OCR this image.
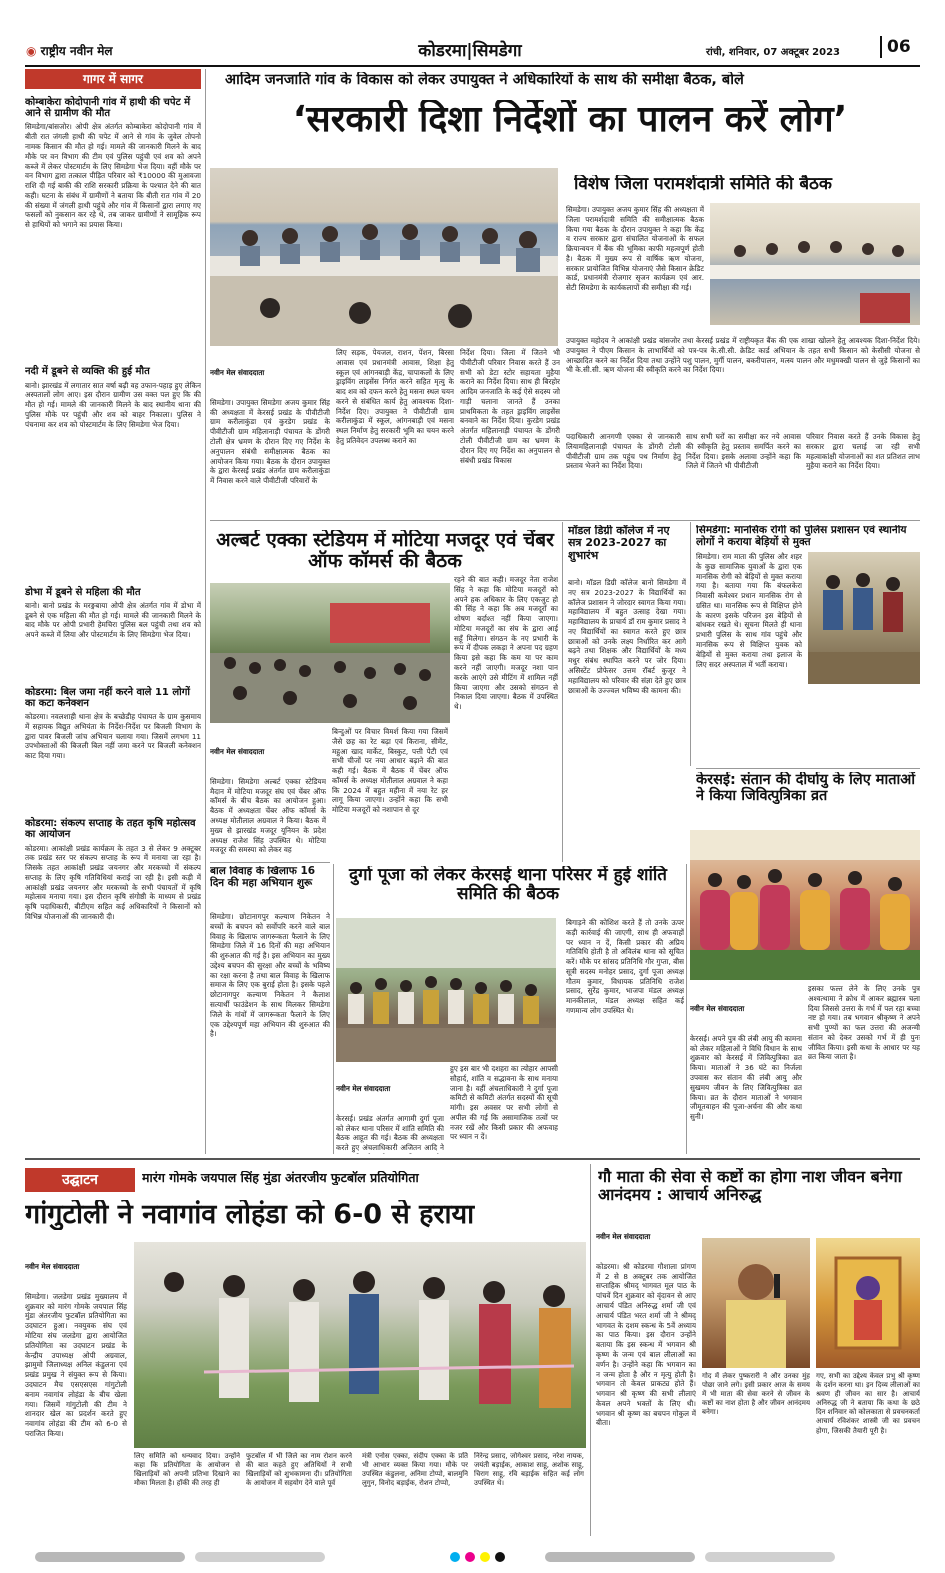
◉ राष्ट्रीय नवीन मेल	कोडरमा|सिमडेगा	रांची, शनिवार, 07 अक्टूबर 2023	06
गागर में सागर
कोम्बाकेरा कोदोपानी गांव में हाथी की चपेट में आने से ग्रामीण की मौत
सिमडेगा/बांसजोर। ओपी क्षेत्र अंतर्गत कोम्बाकेरा कोदोपानी गांव में बीती रात जंगली हाथी की चपेट में आने से गांव के जुवेल तोपनो नामक किसान की मौत हो गई। मामले की जानकारी मिलने के बाद मौके पर वन विभाग की टीम एवं पुलिस पहुंची एवं शव को अपने कब्जे में लेकर पोस्टमार्टम के लिए सिमडेगा भेज दिया। वहीं मौके पर वन विभाग द्वारा तत्काल पीड़ित परिवार को ₹10000 की मुआवजा राशि दी गई बाकी की राशि सरकारी प्रक्रिया के पश्चात देने की बात कही। घटना के संबंध में ग्रामीणों ने बताया कि बीती रात गांव में 20 की संख्या में जंगली हाथी पहुंचे और गांव में किसानों द्वारा लगाए गए फसलों को नुकसान कर रहे थे, तब जाकर ग्रामीणों ने सामूहिक रूप से हाथियों को भगाने का प्रयास किया।
नदी में डूबने से व्यक्ति की हुई मौत
बानो। झारखंड में लगातार सात वर्षा बढ़ी वह उफान-पहाड़ हुए लेकिन अस्पतालों लोग आए। इस दौरान ग्रामीण उस वक्त पल हुए कि की मौत हो गई। मामले की जानकारी मिलने के बाद स्थानीय थाना की पुलिस मौके पर पहुंची और शव को बाहर निकाला। पुलिस ने पंचनामा कर शव को पोस्टमार्टम के लिए सिमडेगा भेज दिया।
डोभा में डूबने से महिला की मौत
बानो। बानो प्रखंड के मरङ्गबाया ओपी क्षेत्र अंतर्गत गांव में डोभा में डूबने से एक महिला की मौत हो गई। मामले की जानकारी मिलने के बाद मौके पर ओपी प्रभारी हेमचिरा पुलिस बल पहुंची तथा शव को अपने कब्जे में लिया और पोस्टमार्टम के लिए सिमडेगा भेज दिया।
कोडरमा: बिल जमा नहीं करने वाले 11 लोगों का कटा कनेक्शन
कोडरमा। नवलशाही थाना क्षेत्र के बच्छेडीह पंचायत के ग्राम कुसमाय में सहायक विद्युत अभियंता के निर्देश-निर्देश पर बिजली विभाग के द्वारा पावर बिजली जांच अभियान चलाया गया। जिसमें लगभग 11 उपभोक्ताओं की बिजली बिल नहीं जमा करने पर बिजली कनेक्शन काट दिया गया।
कोडरमा: संकल्प सप्ताह के तहत कृषि महोत्सव का आयोजन
कोडरमा। आकांक्षी प्रखंड कार्यक्रम के तहत 3 से लेकर 9 अक्टूबर तक प्रखंड स्तर पर संकल्प सप्ताह के रूप में मनाया जा रहा है। जिसके तहत आकांक्षी प्रखंड जयनगर और मरकच्चो में संकल्प सप्ताह के लिए कृषि गतिविधियां कराई जा रही है। इसी कड़ी में आकांक्षी प्रखंड जयनगर और मरकच्चो के सभी पंचायतों में कृषि महोत्सव मनाया गया। इस दौरान कृषि संगोष्ठी के माध्यम से प्रखंड कृषि पदाधिकारी, बीटीएम सहित कई अधिकारियों ने किसानों को विभिन्न योजनाओं की जानकारी दी।
आदिम जनजाति गांव के विकास को लेकर उपायुक्त ने अधिकारियों के साथ की समीक्षा बैठक, बोले
‘सरकारी दिशा निर्देशों का पालन करें लोग’
विशेष जिला परामर्शदात्री समिति की बैठक
सिमडेगा। उपायुक्त अजय कुमार सिंह की अध्यक्षता में जिला परामर्शदात्री समिति की समीक्षात्मक बैठक किया गया बैठक के दौरान उपायुक्त ने कहा कि केंद्र व राज्य सरकार द्वारा संचालित योजनाओं के सफल क्रियान्वयन में बैंक की भूमिका काफी महत्वपूर्ण होती है। बैठक में मुख्य रूप से वार्षिक ऋण योजना, सरकार प्रायोजित विभिन्न योजनाएं जैसे किसान क्रेडिट कार्ड, प्रधानमंत्री रोजगार सृजन कार्यक्रम एवं आर. सेटी सिमडेगा के कार्यकलापों की समीक्षा की गई।

नवीन मेल संवाददाता

सिमडेगा। उपायुक्त सिमडेगा अजय कुमार सिंह की अध्यक्षता में केरसई प्रखंड के पीवीटीजी ग्राम करीलाकुंडा एवं कुरडेग प्रखंड के पीवीटीजी ग्राम महिलानाड़ी पंचायत के डोंगरी टोली क्षेत्र भ्रमण के दौरान दिए गए निर्देश के अनुपालन संबंधी समीक्षात्मक बैठक का आयोजन किया गया। बैठक के दौरान उपायुक्त के द्वारा केरसई प्रखंड अंतर्गत ग्राम करीलाकुंडा में निवास करने वाले पीवीटीजी परिवारों के

लिए सड़क, पेयजल, राशन, पेंशन, बिरसा आवास एवं प्रधानमंत्री आवास, शिक्षा हेतु स्कूल एवं आंगनबाड़ी केंद्र, चापाकलों के लिए ड्राइविंग लाइसेंस निर्गत करने सहित मृत्यु के बाद शव को दफन करने हेतु मसना स्थल चयन करने से संबंधित कार्य हेतु आवश्यक दिशा-निर्देश दिए। उपायुक्त ने पीवीटीजी ग्राम करीलाकुंडा में स्कूल, आंगनबाड़ी एवं मसना स्थल निर्माण हेतु सरकारी भूमि का चयन करने हेतु प्रतिवेदन उपलब्ध कराने का
निर्देश दिया। जिला में जितने भी पीवीटीजी परिवार निवास करते हैं उन सभी को डेटा स्टोर सहायता मुहैया कराने का निर्देश दिया। साथ ही बिरहोर आदिम जनजाति के कई ऐसे सदस्य जो गाड़ी चलाना जानते हैं उनका प्राथमिकता के तहत ड्राइविंग लाइसेंस बनवाने का निर्देश दिया। कुरडेग प्रखंड अंतर्गत महिलानाड़ी पंचायत के डोंगरी टोली पीवीटीजी ग्राम का भ्रमण के दौरान दिए गए निर्देश का अनुपालन से संबंधी प्रखंड विकास
उपायुक्त महोदय ने आकांक्षी प्रखंड बांसजोर तथा केरसई प्रखंड में राष्ट्रीयकृत बैंक की एक शाखा खोलने हेतु आवश्यक दिशा-निर्देश दिये। उपायुक्त ने पीएम किसान के लाभार्थियों को पत्र-पत्र के.सी.सी. क्रेडिट कार्ड अभियान के तहत सभी किसान को केसीसी योजना से आच्छादित करने का निर्देश दिया तथा उन्होंने पशु पालन, मुर्गी पालन, बकरीपालन, मत्स्य पालन और मधुमक्खी पालन से जुड़े किसानों का भी के.सी.सी. ऋण योजना की स्वीकृति करने का निर्देश दिया।
पदाधिकारी आनगणी एक्का से जानकारी लियामहिलानाड़ी पंचायत के डोंगरी टोली पीवीटीजी ग्राम तक पहुंच पथ निर्माण हेतु प्रस्ताव भेजने का निर्देश दिया।
साथ सभी घरों का समीक्षा कर नये आवास की स्वीकृति हेतु प्रस्ताव समर्पित करने का निर्देश दिया। इसके अलावा उन्होंने कहा कि जिले में जितने भी पीवीटीजी
परिवार निवास करते हैं उनके विकास हेतु सरकार द्वारा चलाई जा रही सभी महत्वाकांक्षी योजनाओं का शत प्रतिशत लाभ मुहैया कराने का निर्देश दिया।
अल्बर्ट एक्का स्टेडियम में मोटिया मजदूर एवं चेंबर ऑफ कॉमर्स की बैठक

नवीन मेल संवाददाता

सिमडेगा। सिमडेगा अल्बर्ट एक्का स्टेडियम मैदान में मोटिया मजदूर संघ एवं चेंबर ऑफ कॉमर्स के बीच बैठक का आयोजन हुआ। बैठक में अध्यक्षता चेंबर ऑफ कॉमर्स के अध्यक्ष मोतीलाल अग्रवाल ने किया। बैठक में मुख्य से झारखंड मजदूर यूनियन के प्रदेश अध्यक्ष राजेश सिंह उपस्थित थे। मोटिया मजदूर की समस्या को लेकर वह

बिन्दुओं पर विचार विमर्श किया गया जिसमें जैसे छह का रेट बढ़ा एवं किराना, सीमेंट, महुआ खाद मार्केट, बिस्कुट, पत्ती पेटी एवं सभी चीजों पर नया आधार बढ़ाने की बात कही गई। बैठक में बैठक में चेंबर ऑफ कॉमर्स के अध्यक्ष मोतीलाल अग्रवाल ने कहा कि 2024 में बहुत महीना में नया रेट हर लागू किया जाएगा। उन्होंने कहा कि सभी मोटिया मजदूरों को नशापान से दूर
रहने की बात कही। मजदूर नेता राजेश सिंह ने कहा कि मोटिया मजदूरों को अपने हक अधिकार के लिए एकजुट हो की सिंह ने कहा कि अब मजदूरों का शोषण बर्दाश्त नहीं किया जाएगा। मोटिया मजदूरों का संघ के द्वारा आई सहूँ मिलेगा। संगठन के नए प्रभारी के रूप में दीपक लकड़ा ने अपना पद ग्रहण किया इसे कहा कि कम या पर काम करने नहीं जाएगी। मजदूर नशा पान करके आएंगे उसे मीटिंग में शामिल नहीं किया जाएगा और उसको संगठन से निकाल दिया जाएगा। बैठक में उपस्थित थे।
मॉडल डिग्री कॉलेज में नए सत्र 2023-2027 का शुभारंभ
बानो। मॉडल डिग्री कॉलेज बानो सिमडेगा में नए सत्र 2023-2027 के विद्यार्थियों का कॉलेज प्रशासन ने जोरदार स्वागत किया गया। महाविद्यालय में बहुत उत्साह देखा गया। महाविद्यालय के प्राचार्य डॉ राम कुमार प्रसाद ने नए विद्यार्थियों का स्वागत करते हुए छात्र छात्राओं को उनके लक्ष्य निर्धारित कर आगे बढ़ने तथा शिक्षक और विद्यार्थियों के मध्य मधुर संबंध स्थापित करने पर जोर दिया। असिस्टेंट प्रोफेसर उत्तम रॉबर्ट कुजूर ने महाविद्यालय को परिवार की संज्ञा देते हुए छात्र छात्राओं के उज्ज्वल भविष्य की कामना की।
सिमडेगा: मानसिक रोगी को पुलिस प्रशासन एवं स्थानीय लोगों ने कराया बेड़ियों से मुक्त
सिमडेगा। राम माता की पुलिस और शहर के कुछ सामाजिक युवाओं के द्वारा एक मानसिक रोगी को बेड़ियों से मुक्त कराया गया है। बताया गया कि बंफलकेरा निवासी कमेश्वर प्रधान मानसिक रोग से ग्रसित था। मानसिक रूप से विक्षिप्त होने के कारण इसके परिजन इस बेड़ियों से बांधकर रखते थे। सूचना मिलते ही थाना प्रभारी पुलिस के साथ गांव पहुंचे और मानसिक रूप से विक्षिप्त युवक को बेड़ियों से मुक्त कराया तथा इलाज के लिए सदर अस्पताल में भर्ती कराया।
केरसई: संतान की दीर्घायु के लिए माताओं ने किया जिवित्पुत्रिका व्रत

नवीन मेल संवाददाता

केरसई। अपने पुत्र की लंबी आयु की कामना को लेकर महिलाओं ने विधि विधान के साथ शुक्रवार को केरसई में जिवित्पुत्रिका व्रत किया। माताओं ने 36 घंटे का निर्जला उपवास कर संतान की लंबी आयु और सुखमय जीवन के लिए जिवित्पुत्रिका व्रत किया। व्रत के दौरान माताओं ने भगवान जीमूतवाहन की पूजा-अर्चना की और कथा सुनी।

इसका फल्त लेने के लिए उनके पुत्र अश्वत्थामा ने क्रोध में आकर ब्रह्मास्त्र चला दिया जिससे उत्तरा के गर्भ में पल रहा बच्चा नष्ट हो गया। तब भगवान श्रीकृष्ण ने अपने सभी पुण्यों का फल उत्तरा की अजन्मी संतान को देकर उसको गर्भ में ही पुनः जीवित किया। इसी कथा के आधार पर यह व्रत किया जाता है।
बाल विवाह के खिलाफ 16 दिन की महा अभियान शुरू
सिमडेगा। छोटानागपुर कल्याण निकेतन ने बच्चों के बचपन को सर्वोपरि करने वाले बाल विवाह के खिलाफ जागरूकता फैलाने के लिए सिमडेगा जिले में 16 दिनों की महा अभियान की शुरुआत की गई है। इस अभियान का मुख्य उद्देश्य बचपन की सुरक्षा और बच्चों के भविष्य का रक्षा करना है तथा बाल विवाह के खिलाफ समाज के लिए एक बुराई होता है। इसके पहले छोटानागपुर कल्याण निकेतन ने कैलाश सत्यार्थी फाउंडेशन के साथ मिलकर सिमडेगा जिले के गांवों में जागरूकता फैलाने के लिए एक उद्देश्यपूर्ण महा अभियान की शुरुआत की है।
दुर्गा पूजा को लेकर केरसई थाना परिसर में हुई शांति समिति की बैठक

नवीन मेल संवाददाता

केरसई। प्रखंड अंतर्गत आगामी दुर्गा पूजा को लेकर थाना परिसर में शांति समिति की बैठक आहूत की गई। बैठक की अध्यक्षता करते हुए अंचलाधिकारी अजितन आदि ने

हुए इस बार भी दशहरा का त्योहार आपसी सौहार्द, शांति व सद्भावना के साथ मनाया जाना है। वहीं अंचलाधिकारी ने दुर्गा पूजा कमिटी से कमिटी अंतर्गत सदस्यों की सूची मांगी। इस अवसर पर सभी लोगों से अपील की गई कि असामाजिक तत्वों पर नजर रखें और किसी प्रकार की अफवाह पर ध्यान न दें।
बिगाड़ने की कोशिश करते हैं तो उनके ऊपर कड़ी कार्रवाई की जाएगी, साथ ही अफवाहों पर ध्यान न दें, किसी प्रकार की अप्रिय गतिविधि होती है तो अविलंब थाना को सूचित करें। मौके पर सांसद प्रतिनिधि गौर गुप्ता, बीस सूत्री सदस्य मनोहर प्रसाद, दुर्गा पूजा अध्यक्ष गौतम कुमार, विधायक प्रतिनिधि राजेश प्रसाद, सुरेंद्र कुमार, भाजपा मंडल अध्यक्ष मानकीलाल, मंडल अध्यक्ष सहित कई गणमान्य लोग उपस्थित थे।
उद्घाटन	मारंग गोमके जयपाल सिंह मुंडा अंतरजीय फुटबॉल प्रतियोगिता
गांगुटोली ने नवागांव लोहंडा को 6-0 से हराया

नवीन मेल संवाददाता

सिमडेगा। जलडेगा प्रखंड मुख्यालय में शुक्रवार को मारंग गोमके जयपाल सिंह मुंडा अंतरजीय फुटबॉल प्रतियोगिता का उदघाटन हुआ। नवयुवक संघ एवं मोटिया संघ जलडेगा द्वारा आयोजित प्रतियोगिता का उदघाटन प्रखंड के केन्द्रीय उपाध्यक्ष ओपी अग्रवाल, झामुमो जिलाध्यक्ष अनिल कंडुलना एवं प्रखंड प्रमुख ने संयुक्त रूप से किया। उदघाटन मैच एसएसएस गांगुटोली बनाम नवागांव लोहंडा के बीच खेला गया। जिसमें गांगुटोली की टीम ने शानदार खेल का प्रदर्शन करते हुए नवागांव लोहंडा की टीम को 6-0 से पराजित किया।

लिए समिति को धन्यवाद दिया। उन्होंने कहा कि प्रतियोगिता के आयोजन से खिलाड़ियों को अपनी प्रतिभा दिखाने का मौका मिलता है। हॉकी की तरह ही
फुटबॉल में भी जिले का नाम रोशन करने की बात कहते हुए अतिथियों ने सभी खिलाड़ियों को शुभकामना दी। प्रतियोगिता के आयोजन में सहयोग देने वाले पूर्व
मंत्री एनोस एक्का, संदीप एक्का के प्रति भी आभार व्यक्त किया गया। मौके पर उपस्थित कंडुलना, अनिमा टोप्पो, बालमुनि लुगुन, विनोद बड़ाईक, रोशन टोप्पो,
निरेन्द्र प्रसाद, जोगेश्वर प्रसाद, नरेश नायक, जयंती बड़ाईक, आकाश साहू, अशोक साहू, चिराग साहू, रवि बड़ाईक सहित कई लोग उपस्थित थे।
गौ माता की सेवा से कष्टों का होगा नाश जीवन बनेगा आनंदमय : आचार्य अनिरुद्ध

नवीन मेल संवाददाता

कोडरमा। श्री कोडरमा गौशाला प्रांगण में 2 से 8 अक्टूबर तक आयोजित सप्ताहिक श्रीमद् भागवत मूल पाठ के पांचवें दिन शुक्रवार को वृंदावन से आए आचार्य पंडित अनिरुद्ध शर्मा जी एवं आचार्य पंडित भरत शर्मा जी ने श्रीमद् भागवत के दशम स्कन्ध के 5वें अध्याय का पाठ किया। इस दौरान उन्होंने बताया कि इस स्कन्ध में भगवान श्री कृष्ण के जन्म एवं बाल लीलाओं का वर्णन है। उन्होंने कहा कि भगवान का न जन्म होता है और न मृत्यु होती है। भगवान तो केवल प्राकट्य होते हैं। भगवान श्री कृष्ण की सभी लीलाएं केवल अपने भक्तों के लिए थी। भगवान श्री कृष्ण का बचपन गोकुल में बीता।

गोद में लेकर पुष्करारी ने और उनका मुंह पोछा जाने लगे। इसी प्रकार आज के समय में भी माता की सेवा करने से जीवन के कष्टों का नाश होता है और जीवन आनंदमय बनेगा।
गए, सभी का उद्देश्य केवल प्रभु श्री कृष्ण के दर्शन करना था। इन दिव्य लीलाओं का श्रवण ही जीवन का सार है। आचार्य अनिरुद्ध जी ने बताया कि कथा के छठे दिन शनिवार को कोलकाता से प्रवचनकर्ता आचार्य रविशंकर शास्त्री जी का प्रवचन होगा, जिसकी तैयारी पूरी है।
